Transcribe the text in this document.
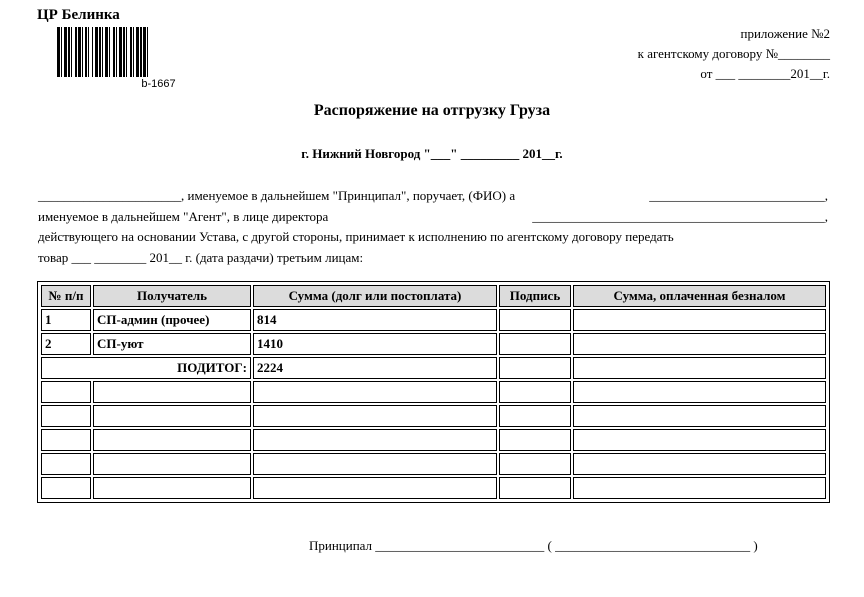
ЦР Белинка
b-1667
приложение №2
к агентскому договору №________
от ___ ________201__г.
Распоряжение на отгрузку Груза
г. Нижний Новгород "___" _________ 201__г.
______________________, именуемое в дальнейшем "Принципал", поручает, (ФИО) а	___________________________,
именуемое в дальнейшем "Агент", в лице директора	_____________________________________________,
действующего на основании Устава, с другой стороны, принимает к исполнению по агентскому договору передать
товар ___ ________ 201__ г. (дата раздачи) третьим лицам:
№ п/п	Получатель	Сумма (долг или постоплата)	Подпись	Сумма, оплаченная безналом
1	СП-админ (прочее)	814		
2	СП-уют	1410		
ПОДИТОГ:		2224		

Принципал __________________________ ( ______________________________ )
